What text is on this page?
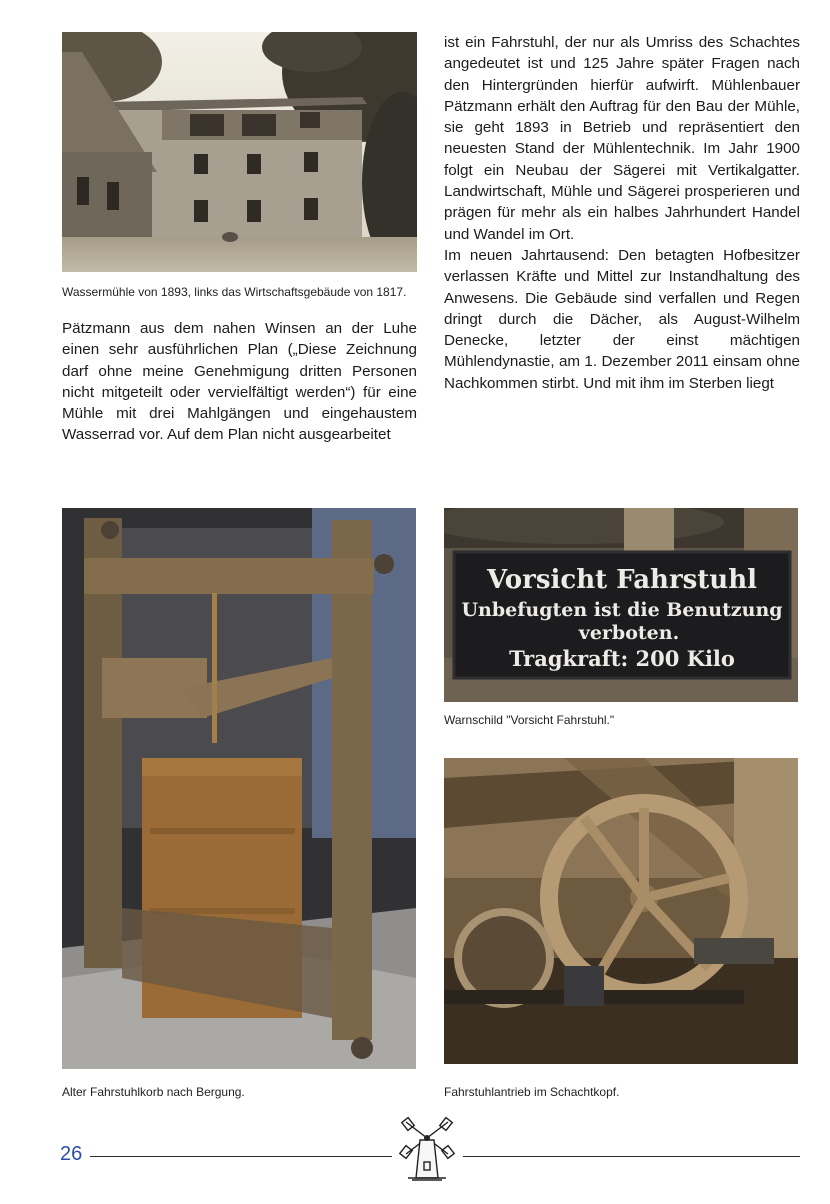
Wassermühle von 1893, links das Wirtschaftsgebäude von 1817.

Pätzmann aus dem nahen Winsen an der Luhe einen sehr ausführlichen Plan („Diese Zeichnung darf ohne meine Genehmigung dritten Personen nicht mitgeteilt oder vervielfältigt werden“) für eine Mühle mit drei Mahlgängen und eingehaustem Wasserrad vor. Auf dem Plan nicht ausgearbeitet

ist ein Fahrstuhl, der nur als Umriss des Schachtes angedeutet ist und 125 Jahre später Fragen nach den Hintergründen hierfür aufwirft. Mühlenbauer Pätzmann erhält den Auftrag für den Bau der Mühle, sie geht 1893 in Betrieb und repräsentiert den neuesten Stand der Mühlentechnik. Im Jahr 1900 folgt ein Neubau der Sägerei mit Vertikalgatter. Landwirtschaft, Mühle und Sägerei prosperieren und prägen für mehr als ein halbes Jahrhundert Handel und Wandel im Ort.

Im neuen Jahrtausend: Den betagten Hofbesitzer verlassen Kräfte und Mittel zur Instandhaltung des Anwesens. Die Gebäude sind verfallen und Regen dringt durch die Dächer, als August-Wilhelm Denecke, letzter der einst mächtigen Mühlendynastie, am 1. Dezember 2011 einsam ohne Nachkommen stirbt. Und mit ihm im Sterben liegt

Alter Fahrstuhlkorb nach Bergung.
Vorsicht Fahrstuhl
Unbefugten ist die Benutzung
verboten.
Tragkraft: 200 Kilo
Warnschild "Vorsicht Fahrstuhl."
Fahrstuhlantrieb im Schachtkopf.
26
